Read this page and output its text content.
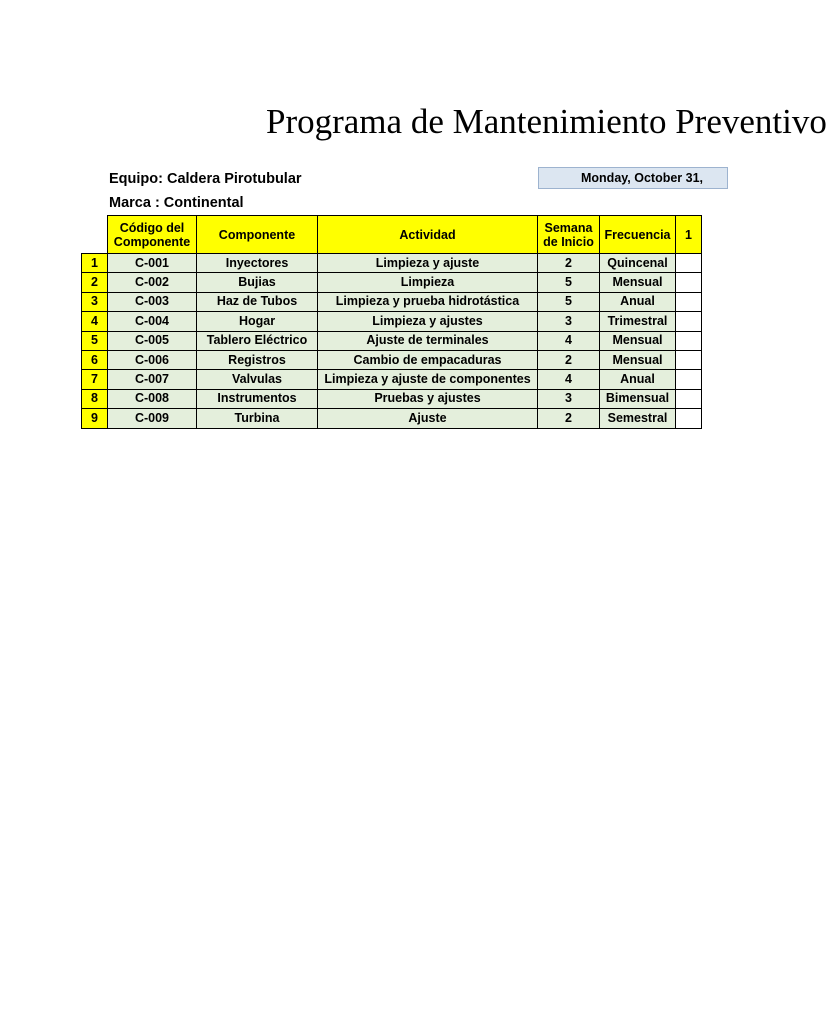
Programa de Mantenimiento Preventivo
Equipo: Caldera Pirotubular
Marca : Continental
	Código del Componente	Componente	Actividad	Semana de Inicio	Frecuencia	1
1	C-001	Inyectores	Limpieza y ajuste	2	Quincenal	
2	C-002	Bujias	Limpieza	5	Mensual	
3	C-003	Haz de Tubos	Limpieza y prueba hidrotástica	5	Anual	
4	C-004	Hogar	Limpieza y ajustes	3	Trimestral	
5	C-005	Tablero Eléctrico	Ajuste de terminales	4	Mensual	
6	C-006	Registros	Cambio de empacaduras	2	Mensual	
7	C-007	Valvulas	Limpieza y ajuste de componentes	4	Anual	
8	C-008	Instrumentos	Pruebas y ajustes	3	Bimensual	
9	C-009	Turbina	Ajuste	2	Semestral	
Monday, October 31,
